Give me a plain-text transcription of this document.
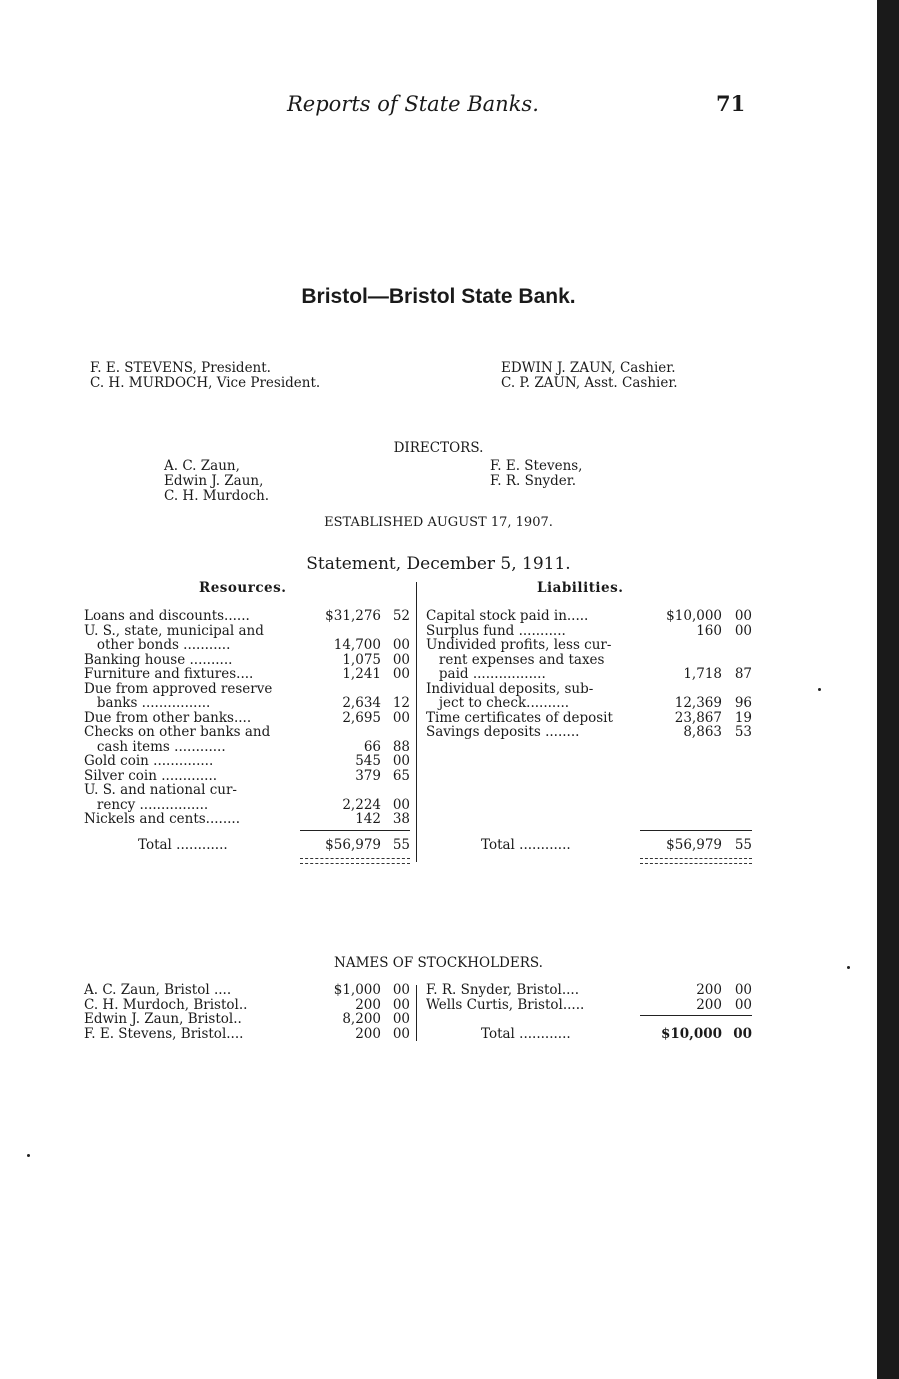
Reports of State Banks.	71
Bristol—Bristol State Bank.
F. E. STEVENS, President.
C. H. MURDOCH, Vice President.
EDWIN J. ZAUN, Cashier.
C. P. ZAUN, Asst. Cashier.
DIRECTORS.
A. C. Zaun,
Edwin J. Zaun,
C. H. Murdoch.
F. E. Stevens,
F. R. Snyder.
ESTABLISHED AUGUST 17, 1907.
Statement, December 5, 1911.
Resources.	Liabilities.
Loans and discounts......	$31,276 52
U. S., state, municipal and
other bonds ...........	14,700 00
Banking house ..........	1,075 00
Furniture and fixtures....	1,241 00
Due from approved reserve
banks ................	2,634 12
Due from other banks....	2,695 00
Checks on other banks and
cash items ............	66 88
Gold coin ..............	545 00
Silver coin .............	379 65
U. S. and national cur-
rency ................	2,224 00
Nickels and cents........	142 38
Capital stock paid in.....	$10,000 00
Surplus fund ...........	160 00
Undivided profits, less cur-
rent expenses and taxes
paid .................	1,718 87
Individual deposits, sub-
ject to check..........	12,369 96
Time certificates of deposit	23,867 19
Savings deposits ........	8,863 53
Total ............	$56,979 55	Total ............	$56,979 55
NAMES OF STOCKHOLDERS.
A. C. Zaun, Bristol ....	$1,000 00
C. H. Murdoch, Bristol..	200 00
Edwin J. Zaun, Bristol..	8,200 00
F. E. Stevens, Bristol....	200 00
F. R. Snyder, Bristol....	200 00
Wells Curtis, Bristol.....	200 00
Total ............	$10,000 00
